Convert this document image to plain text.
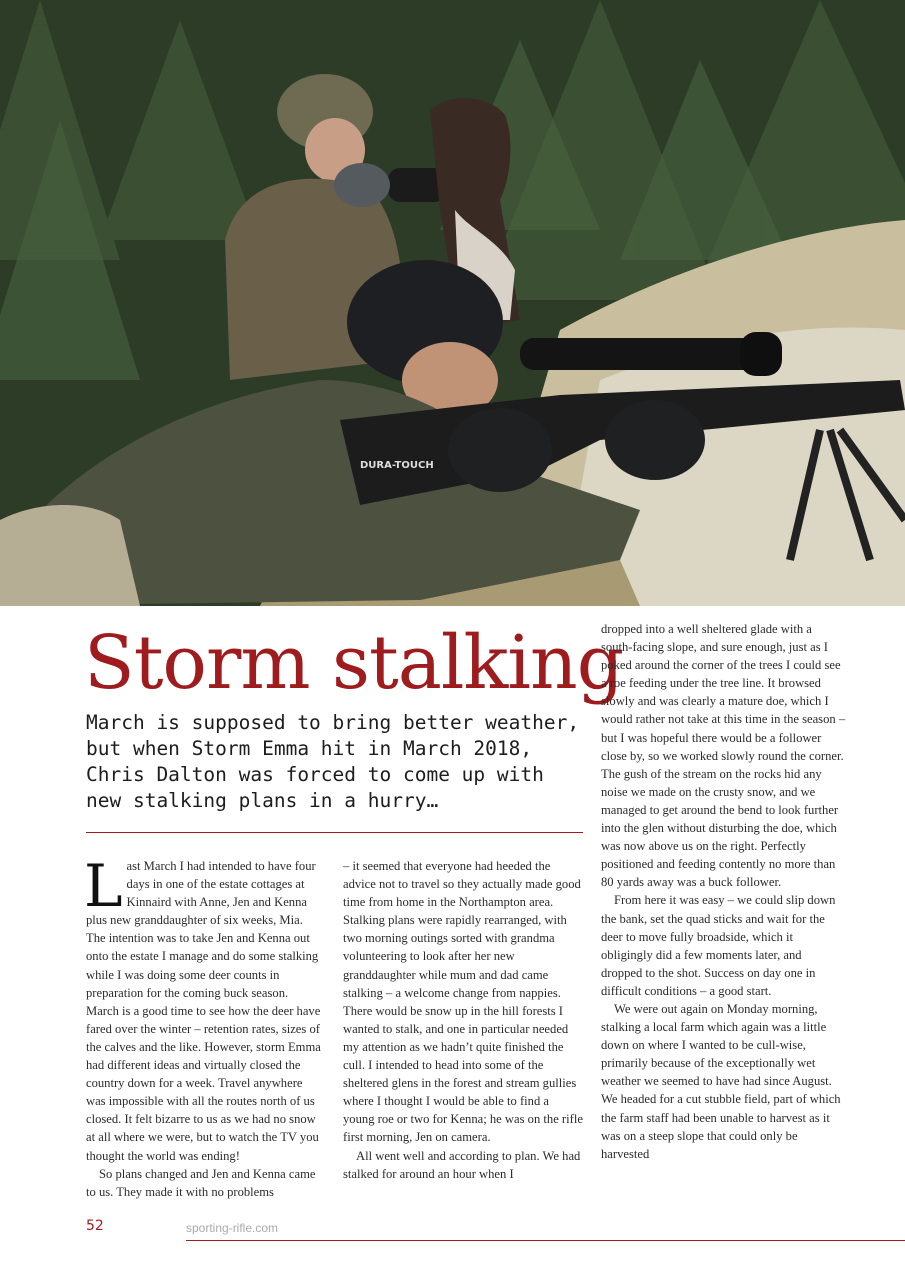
DURA-TOUCH
Storm stalking

March is supposed to bring better weather, but when Storm Emma hit in March 2018, Chris Dalton was forced to come up with new stalking plans in a hurry…

Last March I had intended to have four days in one of the estate cottages at Kinnaird with Anne, Jen and Kenna plus new granddaughter of six weeks, Mia. The intention was to take Jen and Kenna out onto the estate I manage and do some stalking while I was doing some deer counts in preparation for the coming buck season. March is a good time to see how the deer have fared over the winter – retention rates, sizes of the calves and the like. However, storm Emma had different ideas and virtually closed the country down for a week. Travel anywhere was impossible with all the routes north of us closed. It felt bizarre to us as we had no snow at all where we were, but to watch the TV you thought the world was ending!

So plans changed and Jen and Kenna came to us. They made it with no problems

– it seemed that everyone had heeded the advice not to travel so they actually made good time from home in the Northampton area. Stalking plans were rapidly rearranged, with two morning outings sorted with grandma volunteering to look after her new granddaughter while mum and dad came stalking – a welcome change from nappies. There would be snow up in the hill forests I wanted to stalk, and one in particular needed my attention as we hadn’t quite finished the cull. I intended to head into some of the sheltered glens in the forest and stream gullies where I thought I would be able to find a young roe or two for Kenna; he was on the rifle first morning, Jen on camera.

All went well and according to plan. We had stalked for around an hour when I

dropped into a well sheltered glade with a south-facing slope, and sure enough, just as I poked around the corner of the trees I could see a roe feeding under the tree line. It browsed slowly and was clearly a mature doe, which I would rather not take at this time in the season – but I was hopeful there would be a follower close by, so we worked slowly round the corner. The gush of the stream on the rocks hid any noise we made on the crusty snow, and we managed to get around the bend to look further into the glen without disturbing the doe, which was now above us on the right. Perfectly positioned and feeding contently no more than 80 yards away was a buck follower.

From here it was easy – we could slip down the bank, set the quad sticks and wait for the deer to move fully broadside, which it obligingly did a few moments later, and dropped to the shot. Success on day one in difficult conditions – a good start.

We were out again on Monday morning, stalking a local farm which again was a little down on where I wanted to be cull-wise, primarily because of the exceptionally wet weather we seemed to have had since August. We headed for a cut stubble field, part of which the farm staff had been unable to harvest as it was on a steep slope that could only be harvested

52	sporting-rifle.com
